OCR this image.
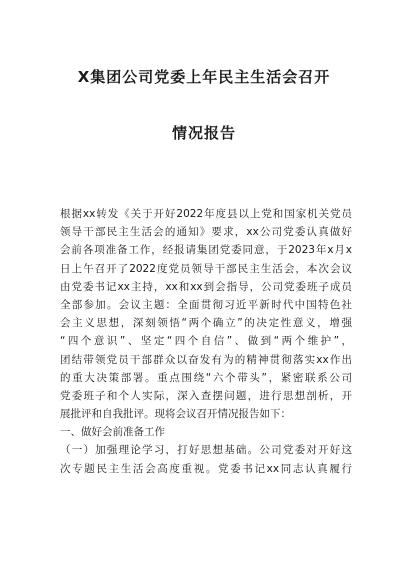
X集团公司党委上年民主生活会召开
情况报告
根据xx转发《关于开好2022年度县以上党和国家机关党员
领导干部民主生活会的通知》要求，xx公司党委认真做好
会前各项准备工作，经报请集团党委同意，于2023年x月x
日上午召开了2022度党员领导干部民主生活会，本次会议
由党委书记xx主持，xx和xx到会指导，公司党委班子成员
全部参加。会议主题：全面贯彻习近平新时代中国特色社
会主义思想，深刻领悟“两个确立”的决定性意义，增强
“四个意识”、坚定“四个自信”、做到“两个维护”，
团结带领党员干部群众以奋发有为的精神贯彻落实xx作出
的重大决策部署。重点围绕“六个带头”，紧密联系公司
党委班子和个人实际，深入查摆问题，进行思想剖析，开
展批评和自我批评。现将会议召开情况报告如下：
一、做好会前准备工作
（一）加强理论学习，打好思想基础。公司党委对开好这
次专题民主生活会高度重视。党委书记xx同志认真履行
